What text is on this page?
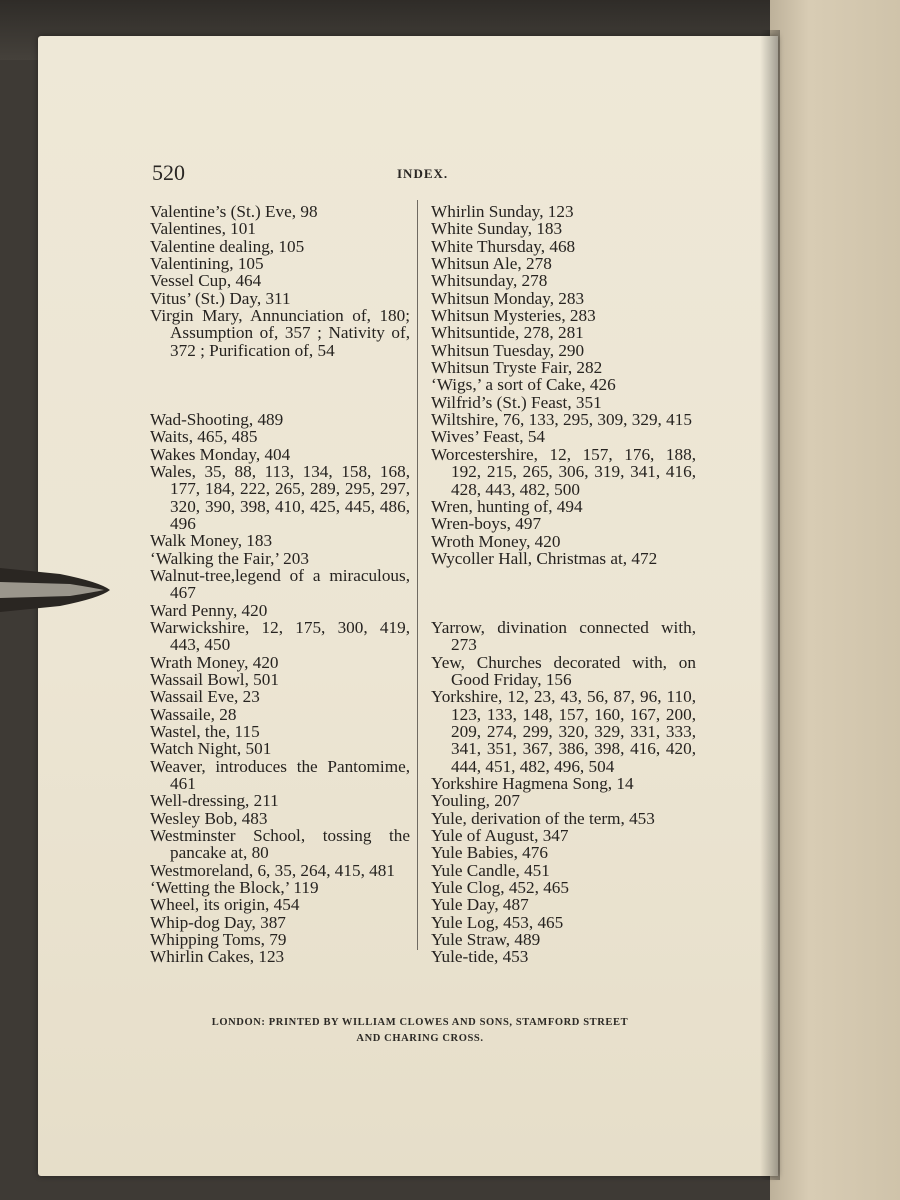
520	INDEX.

Valentine’s (St.) Eve, 98

Valentines, 101

Valentine dealing, 105

Valentining, 105

Vessel Cup, 464

Vitus’ (St.) Day, 311

Virgin Mary, Annunciation of, 180; Assumption of, 357 ; Nativity of, 372 ; Purification of, 54

Wad-Shooting, 489

Waits, 465, 485

Wakes Monday, 404

Wales, 35, 88, 113, 134, 158, 168, 177, 184, 222, 265, 289, 295, 297, 320, 390, 398, 410, 425, 445, 486, 496

Walk Money, 183

‘Walking the Fair,’ 203

Walnut-tree,legend of a miraculous, 467

Ward Penny, 420

Warwickshire, 12, 175, 300, 419, 443, 450

Wrath Money, 420

Wassail Bowl, 501

Wassail Eve, 23

Wassaile, 28

Wastel, the, 115

Watch Night, 501

Weaver, introduces the Pantomime, 461

Well-dressing, 211

Wesley Bob, 483

Westminster School, tossing the pancake at, 80

Westmoreland, 6, 35, 264, 415, 481

‘Wetting the Block,’ 119

Wheel, its origin, 454

Whip-dog Day, 387

Whipping Toms, 79

Whirlin Cakes, 123

Whirlin Sunday, 123

White Sunday, 183

White Thursday, 468

Whitsun Ale, 278

Whitsunday, 278

Whitsun Monday, 283

Whitsun Mysteries, 283

Whitsuntide, 278, 281

Whitsun Tuesday, 290

Whitsun Tryste Fair, 282

‘Wigs,’ a sort of Cake, 426

Wilfrid’s (St.) Feast, 351

Wiltshire, 76, 133, 295, 309, 329, 415

Wives’ Feast, 54

Worcestershire, 12, 157, 176, 188, 192, 215, 265, 306, 319, 341, 416, 428, 443, 482, 500

Wren, hunting of, 494

Wren-boys, 497

Wroth Money, 420

Wycoller Hall, Christmas at, 472

Yarrow, divination connected with, 273

Yew, Churches decorated with, on Good Friday, 156

Yorkshire, 12, 23, 43, 56, 87, 96, 110, 123, 133, 148, 157, 160, 167, 200, 209, 274, 299, 320, 329, 331, 333, 341, 351, 367, 386, 398, 416, 420, 444, 451, 482, 496, 504

Yorkshire Hagmena Song, 14

Youling, 207

Yule, derivation of the term, 453

Yule of August, 347

Yule Babies, 476

Yule Candle, 451

Yule Clog, 452, 465

Yule Day, 487

Yule Log, 453, 465

Yule Straw, 489

Yule-tide, 453

LONDON: PRINTED BY WILLIAM CLOWES AND SONS, STAMFORD STREET
AND CHARING CROSS.
